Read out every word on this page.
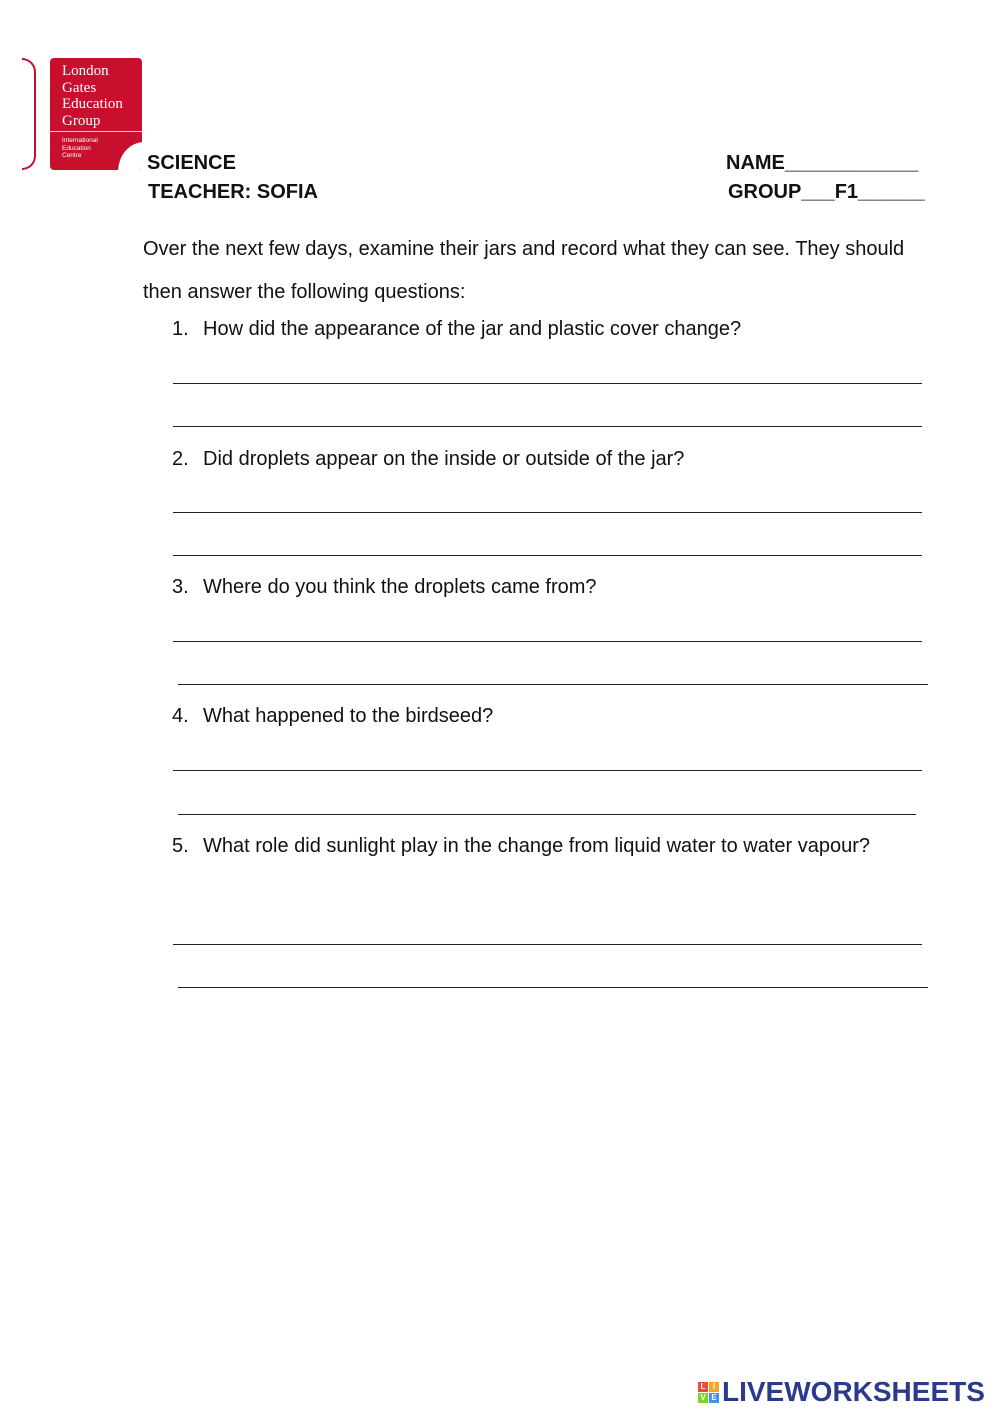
London
Gates
Education
Group
International
Education
Centre	SCIENCE
TEACHER: SOFIA
NAME____________
GROUP___F1______
Over the next few days, examine their jars and record what they can see. They should then answer the following questions:
1. How did the appearance of the jar and plastic cover change?
2. Did droplets appear on the inside or outside of the jar?
3. Where do you think the droplets came from?
4. What happened to the birdseed?
5. What role did sunlight play in the change from liquid water to water vapour?
L I
V E LIVEWORKSHEETS
